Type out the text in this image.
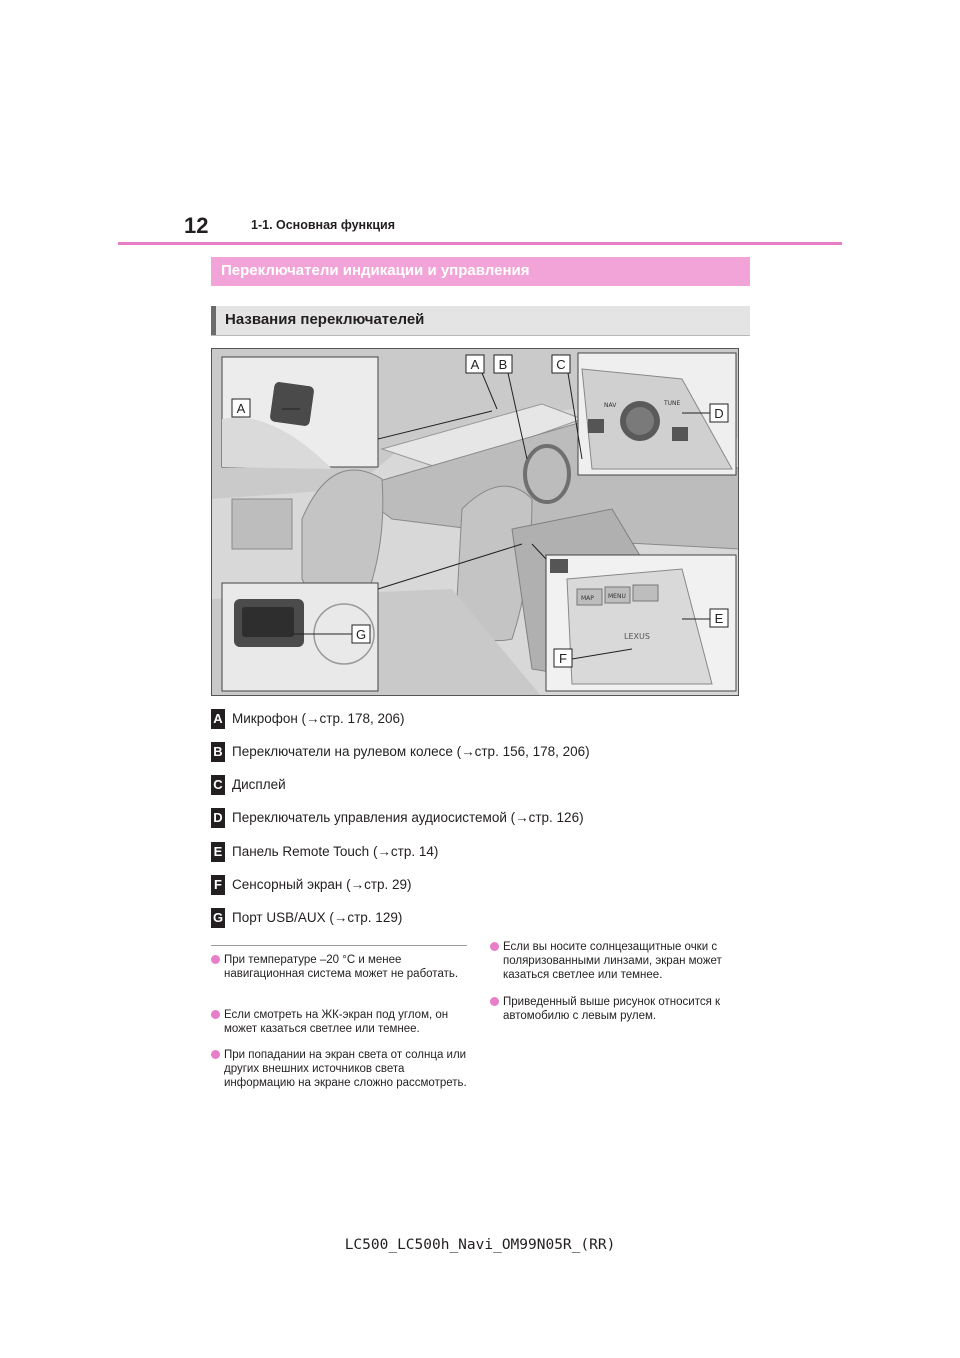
12	1-1. Основная функция
Переключатели индикации и управления
Названия переключателей
NAV	TUNE
MAP MENU
LEXUS
A B	C
A	D
E
F
G
A Микрофон (→стр. 178, 206)
B Переключатели на рулевом колесе (→стр. 156, 178, 206)
C Дисплей
D Переключатель управления аудиосистемой (→стр. 126)
E Панель Remote Touch (→стр. 14)
F Сенсорный экран (→стр. 29)
G Порт USB/AUX (→стр. 129)
При температуре –20 °C и менее навигационная система может не работать.
Если смотреть на ЖК-экран под углом, он может казаться светлее или темнее.
При попадании на экран света от солнца или других внешних источников света информацию на экране сложно рассмотреть.
Если вы носите солнцезащитные очки с поляризованными линзами, экран может казаться светлее или темнее.
Приведенный выше рисунок относится к автомобилю с левым рулем.
LC500_LC500h_Navi_OM99N05R_(RR)
